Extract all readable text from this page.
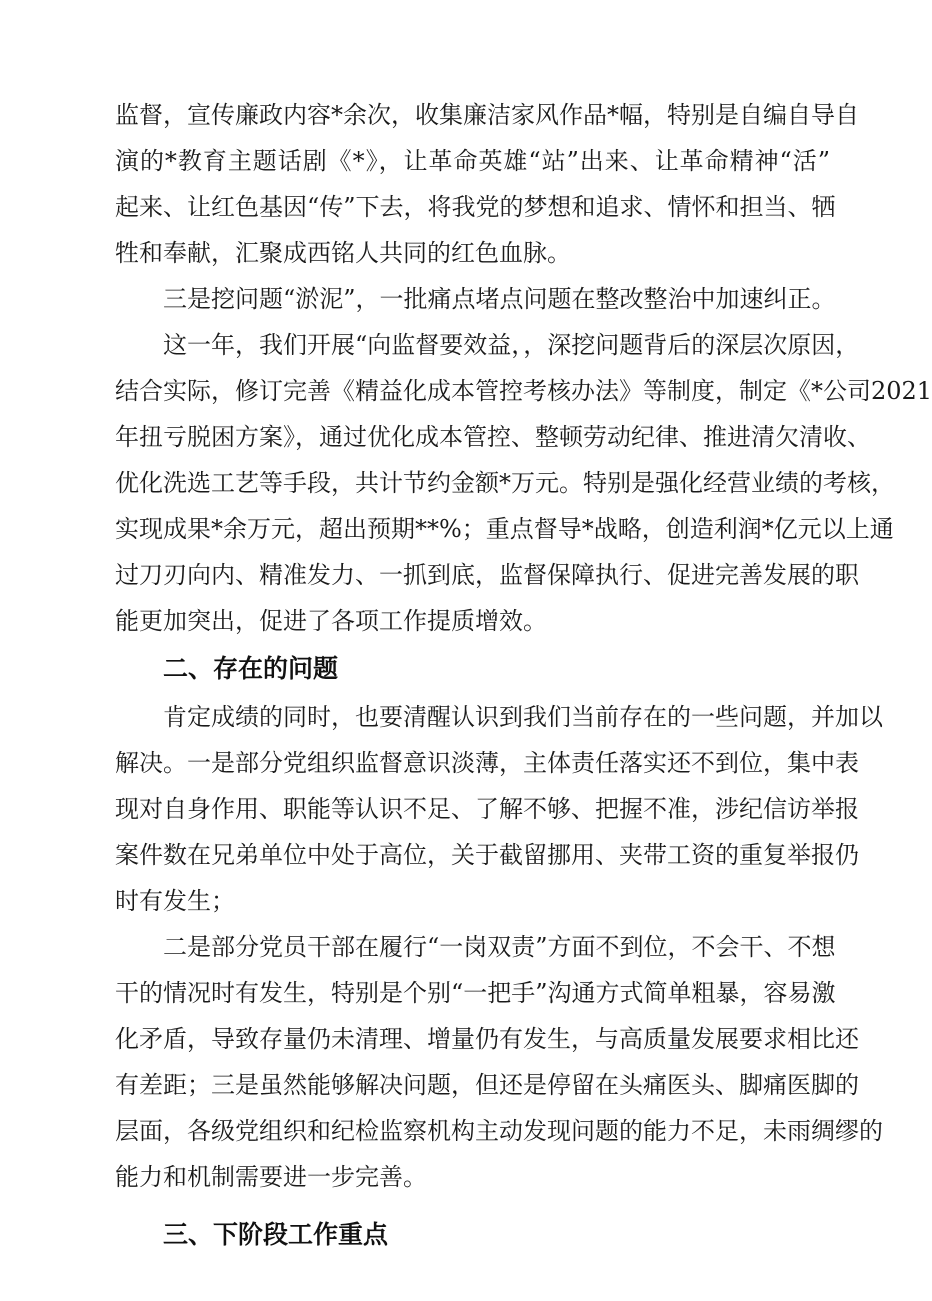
监督，宣传廉政内容*余次，收集廉洁家风作品*幅，特别是自编自导自
演的*教育主题话剧《*》，让革命英雄“站”出来、让革命精神“活”
起来、让红色基因“传”下去，将我党的梦想和追求、情怀和担当、牺
牲和奉献，汇聚成西铭人共同的红色血脉。
三是挖问题“淤泥”，一批痛点堵点问题在整改整治中加速纠正。
这一年，我们开展“向监督要效益，，深挖问题背后的深层次原因，
结合实际，修订完善《精益化成本管控考核办法》等制度，制定《*公司2021
年扭亏脱困方案》，通过优化成本管控、整顿劳动纪律、推进清欠清收、
优化洗选工艺等手段，共计节约金额*万元。特别是强化经营业绩的考核，
实现成果*余万元，超出预期**%；重点督导*战略，创造利润*亿元以上通
过刀刃向内、精准发力、一抓到底，监督保障执行、促进完善发展的职
能更加突出，促进了各项工作提质增效。
二、存在的问题
肯定成绩的同时，也要清醒认识到我们当前存在的一些问题，并加以
解决。一是部分党组织监督意识淡薄，主体责任落实还不到位，集中表
现对自身作用、职能等认识不足、了解不够、把握不准，涉纪信访举报
案件数在兄弟单位中处于高位，关于截留挪用、夹带工资的重复举报仍
时有发生；
二是部分党员干部在履行“一岗双责”方面不到位，不会干、不想
干的情况时有发生，特别是个别“一把手”沟通方式简单粗暴，容易激
化矛盾，导致存量仍未清理、增量仍有发生，与高质量发展要求相比还
有差距；三是虽然能够解决问题，但还是停留在头痛医头、脚痛医脚的
层面，各级党组织和纪检监察机构主动发现问题的能力不足，未雨绸缪的
能力和机制需要进一步完善。
三、下阶段工作重点
